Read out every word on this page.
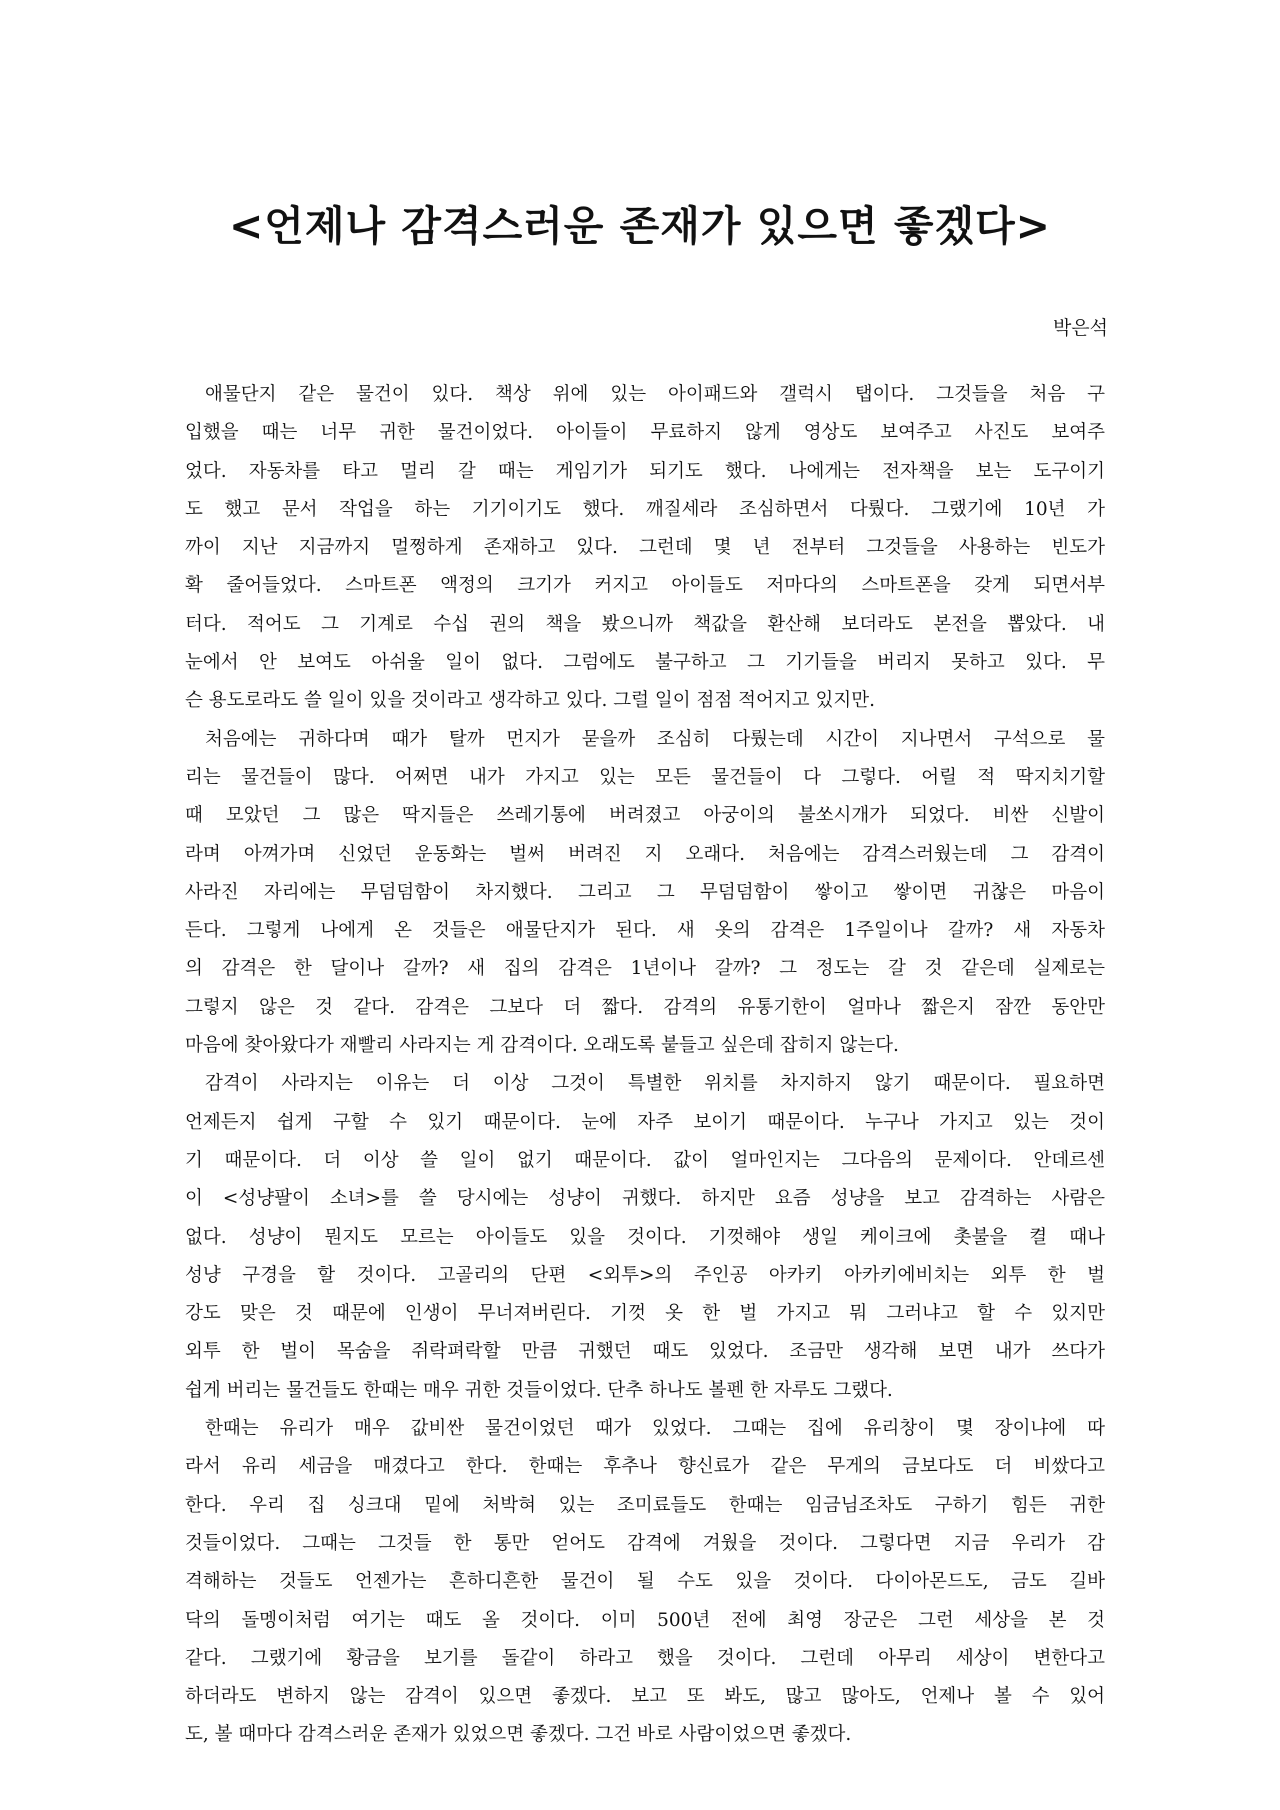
<언제나 감격스러운 존재가 있으면 좋겠다>
박은석
애물단지 같은 물건이 있다. 책상 위에 있는 아이패드와 갤럭시 탭이다. 그것들을 처음 구
입했을 때는 너무 귀한 물건이었다. 아이들이 무료하지 않게 영상도 보여주고 사진도 보여주
었다. 자동차를 타고 멀리 갈 때는 게임기가 되기도 했다. 나에게는 전자책을 보는 도구이기
도 했고 문서 작업을 하는 기기이기도 했다. 깨질세라 조심하면서 다뤘다. 그랬기에 10년 가
까이 지난 지금까지 멀쩡하게 존재하고 있다. 그런데 몇 년 전부터 그것들을 사용하는 빈도가
확 줄어들었다. 스마트폰 액정의 크기가 커지고 아이들도 저마다의 스마트폰을 갖게 되면서부
터다. 적어도 그 기계로 수십 권의 책을 봤으니까 책값을 환산해 보더라도 본전을 뽑았다. 내
눈에서 안 보여도 아쉬울 일이 없다. 그럼에도 불구하고 그 기기들을 버리지 못하고 있다. 무
슨 용도로라도 쓸 일이 있을 것이라고 생각하고 있다. 그럴 일이 점점 적어지고 있지만.
처음에는 귀하다며 때가 탈까 먼지가 묻을까 조심히 다뤘는데 시간이 지나면서 구석으로 물
리는 물건들이 많다. 어쩌면 내가 가지고 있는 모든 물건들이 다 그렇다. 어릴 적 딱지치기할
때 모았던 그 많은 딱지들은 쓰레기통에 버려졌고 아궁이의 불쏘시개가 되었다. 비싼 신발이
라며 아껴가며 신었던 운동화는 벌써 버려진 지 오래다. 처음에는 감격스러웠는데 그 감격이
사라진 자리에는 무덤덤함이 차지했다. 그리고 그 무덤덤함이 쌓이고 쌓이면 귀찮은 마음이
든다. 그렇게 나에게 온 것들은 애물단지가 된다. 새 옷의 감격은 1주일이나 갈까? 새 자동차
의 감격은 한 달이나 갈까? 새 집의 감격은 1년이나 갈까? 그 정도는 갈 것 같은데 실제로는
그렇지 않은 것 같다. 감격은 그보다 더 짧다. 감격의 유통기한이 얼마나 짧은지 잠깐 동안만
마음에 찾아왔다가 재빨리 사라지는 게 감격이다. 오래도록 붙들고 싶은데 잡히지 않는다.
감격이 사라지는 이유는 더 이상 그것이 특별한 위치를 차지하지 않기 때문이다. 필요하면
언제든지 쉽게 구할 수 있기 때문이다. 눈에 자주 보이기 때문이다. 누구나 가지고 있는 것이
기 때문이다. 더 이상 쓸 일이 없기 때문이다. 값이 얼마인지는 그다음의 문제이다. 안데르센
이 <성냥팔이 소녀>를 쓸 당시에는 성냥이 귀했다. 하지만 요즘 성냥을 보고 감격하는 사람은
없다. 성냥이 뭔지도 모르는 아이들도 있을 것이다. 기껏해야 생일 케이크에 촛불을 켤 때나
성냥 구경을 할 것이다. 고골리의 단편 <외투>의 주인공 아카키 아카키에비치는 외투 한 벌
강도 맞은 것 때문에 인생이 무너져버린다. 기껏 옷 한 벌 가지고 뭐 그러냐고 할 수 있지만
외투 한 벌이 목숨을 쥐락펴락할 만큼 귀했던 때도 있었다. 조금만 생각해 보면 내가 쓰다가
쉽게 버리는 물건들도 한때는 매우 귀한 것들이었다. 단추 하나도 볼펜 한 자루도 그랬다.
한때는 유리가 매우 값비싼 물건이었던 때가 있었다. 그때는 집에 유리창이 몇 장이냐에 따
라서 유리 세금을 매겼다고 한다. 한때는 후추나 향신료가 같은 무게의 금보다도 더 비쌌다고
한다. 우리 집 싱크대 밑에 처박혀 있는 조미료들도 한때는 임금님조차도 구하기 힘든 귀한
것들이었다. 그때는 그것들 한 통만 얻어도 감격에 겨웠을 것이다. 그렇다면 지금 우리가 감
격해하는 것들도 언젠가는 흔하디흔한 물건이 될 수도 있을 것이다. 다이아몬드도, 금도 길바
닥의 돌멩이처럼 여기는 때도 올 것이다. 이미 500년 전에 최영 장군은 그런 세상을 본 것
같다. 그랬기에 황금을 보기를 돌같이 하라고 했을 것이다. 그런데 아무리 세상이 변한다고
하더라도 변하지 않는 감격이 있으면 좋겠다. 보고 또 봐도, 많고 많아도, 언제나 볼 수 있어
도, 볼 때마다 감격스러운 존재가 있었으면 좋겠다. 그건 바로 사람이었으면 좋겠다.
